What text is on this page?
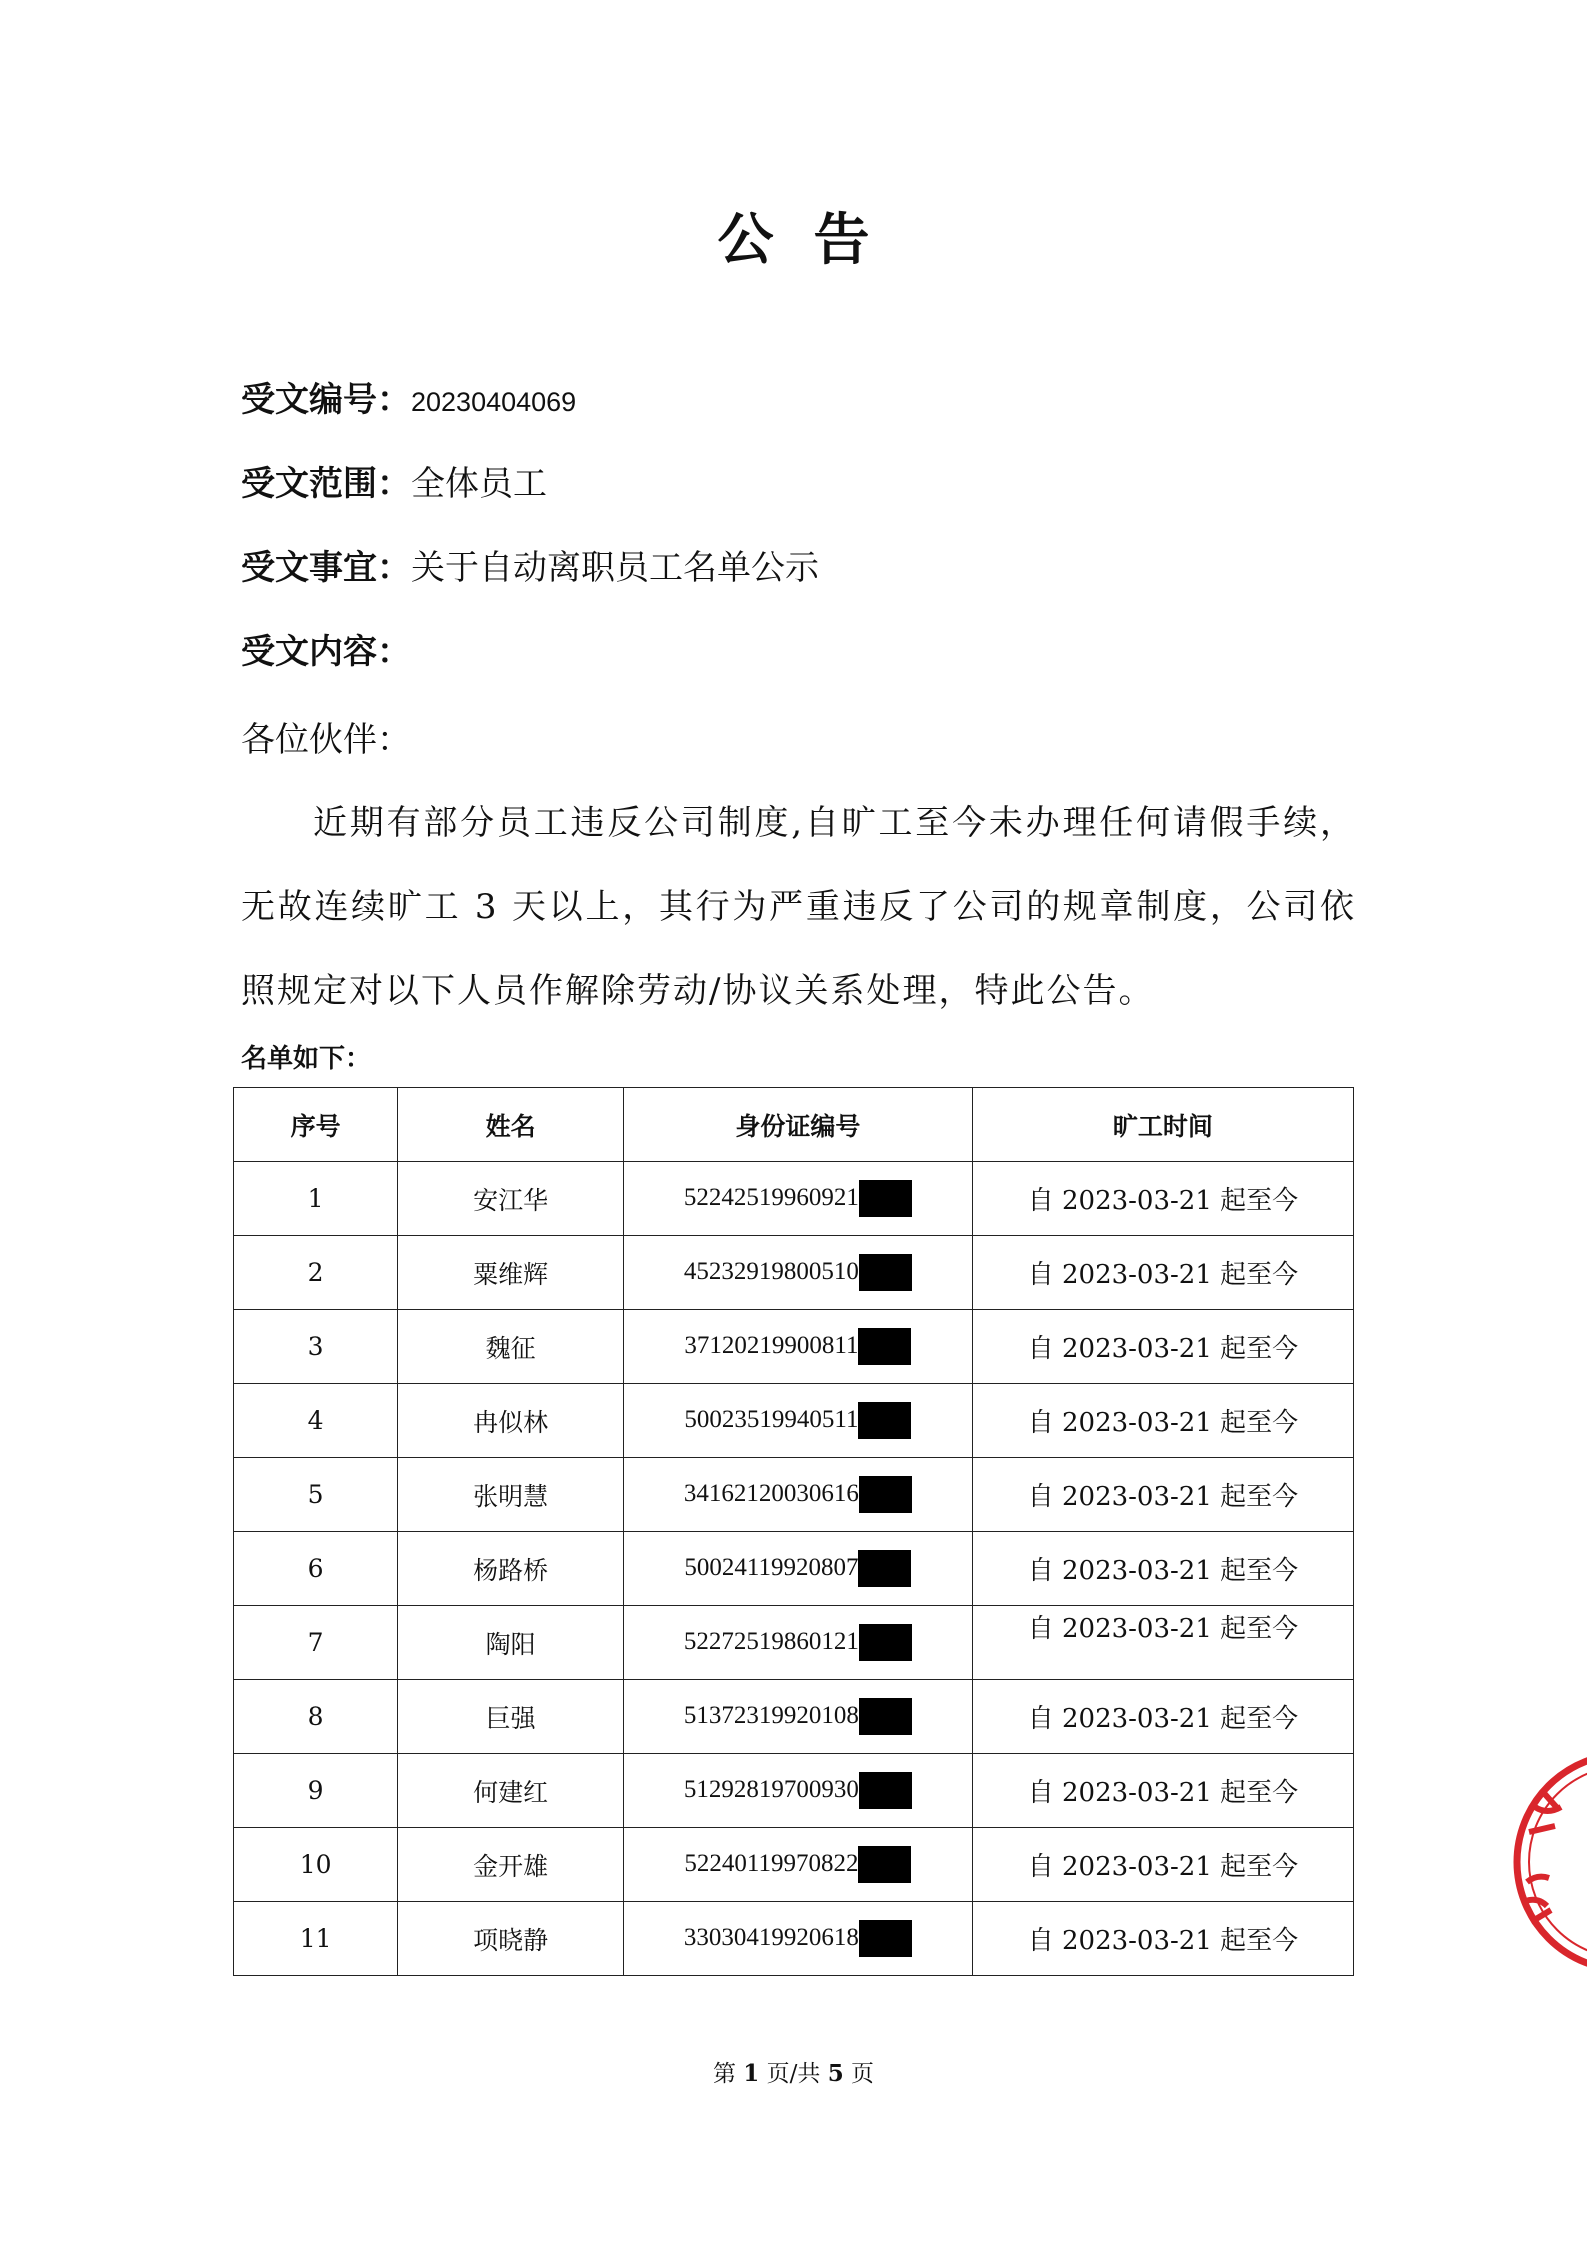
公告
受文编号：20230404069
受文范围：全体员工
受文事宜：关于自动离职员工名单公示
受文内容：
各位伙伴：
近期有部分员工违反公司制度,自旷工至今未办理任何请假手续，无故连续旷工 3 天以上，其行为严重违反了公司的规章制度，公司依照规定对以下人员作解除劳动/协议关系处理，特此公告。
名单如下：
序号	姓名	身份证编号	旷工时间
1	安江华	52242519960921	自 2023-03-21 起至今
2	粟维辉	45232919800510	自 2023-03-21 起至今
3	魏征	37120219900811	自 2023-03-21 起至今
4	冉似林	50023519940511	自 2023-03-21 起至今
5	张明慧	34162120030616	自 2023-03-21 起至今
6	杨路桥	50024119920807	自 2023-03-21 起至今
7	陶阳	52272519860121	自 2023-03-21 起至今
8	巨强	51372319920108	自 2023-03-21 起至今
9	何建红	51292819700930	自 2023-03-21 起至今
10	金开雄	52240119970822	自 2023-03-21 起至今
11	项晓静	33030419920618	自 2023-03-21 起至今
第 1 页/共 5 页
